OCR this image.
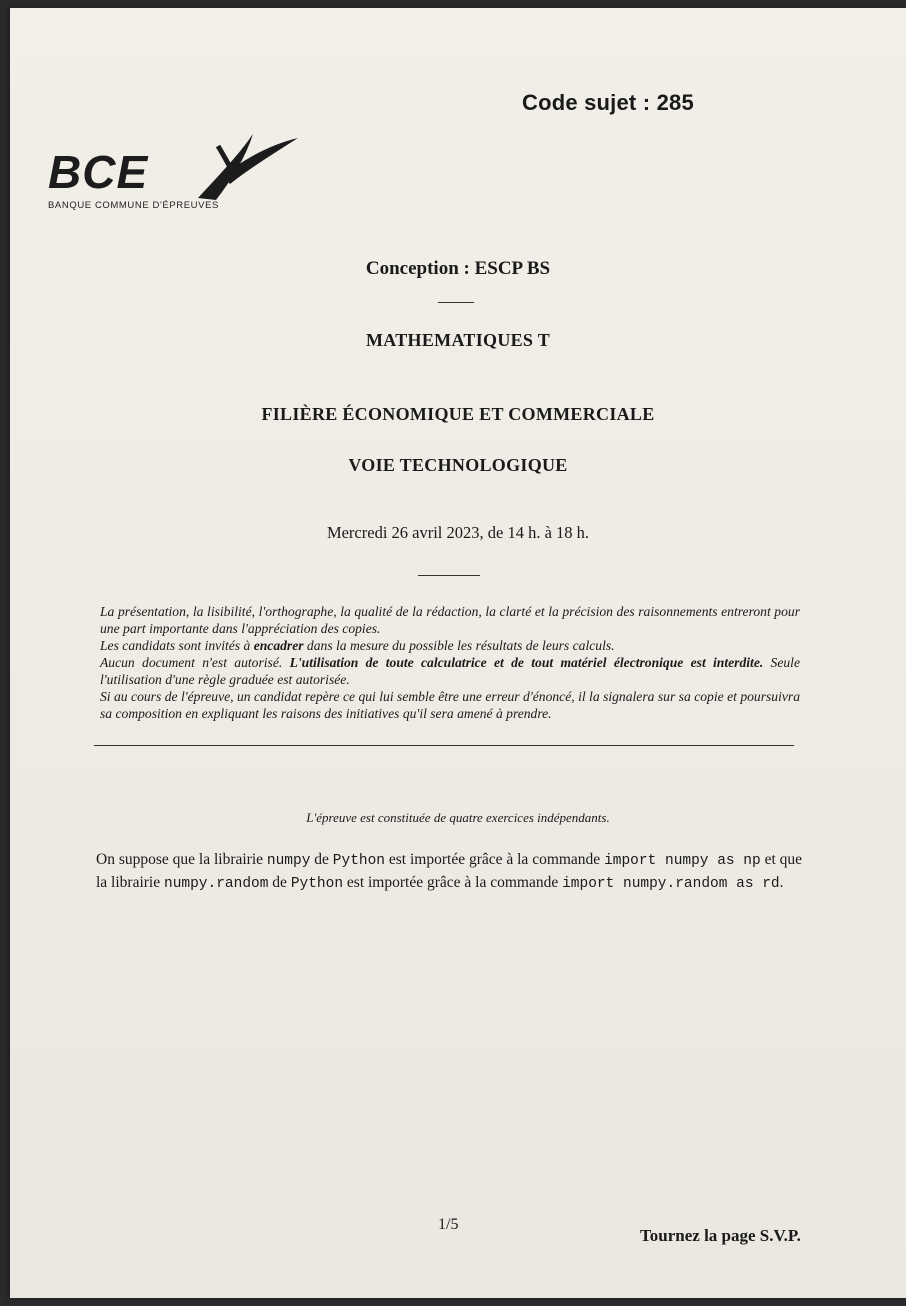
Code sujet : 285
BCE
BANQUE COMMUNE D'ÉPREUVES
Conception : ESCP BS
MATHEMATIQUES T
FILIÈRE ÉCONOMIQUE ET COMMERCIALE
VOIE TECHNOLOGIQUE
Mercredi 26 avril 2023, de 14 h. à 18 h.

La présentation, la lisibilité, l'orthographe, la qualité de la rédaction, la clarté et la précision des raisonnements entreront pour une part importante dans l'appréciation des copies.

Les candidats sont invités à encadrer dans la mesure du possible les résultats de leurs calculs.

Aucun document n'est autorisé. L'utilisation de toute calculatrice et de tout matériel électronique est interdite. Seule l'utilisation d'une règle graduée est autorisée.

Si au cours de l'épreuve, un candidat repère ce qui lui semble être une erreur d'énoncé, il la signalera sur sa copie et poursuivra sa composition en expliquant les raisons des initiatives qu'il sera amené à prendre.

L'épreuve est constituée de quatre exercices indépendants.

On suppose que la librairie numpy de Python est importée grâce à la commande import numpy as np et que la librairie numpy.random de Python est importée grâce à la commande import numpy.random as rd.

1/5
Tournez la page S.V.P.
